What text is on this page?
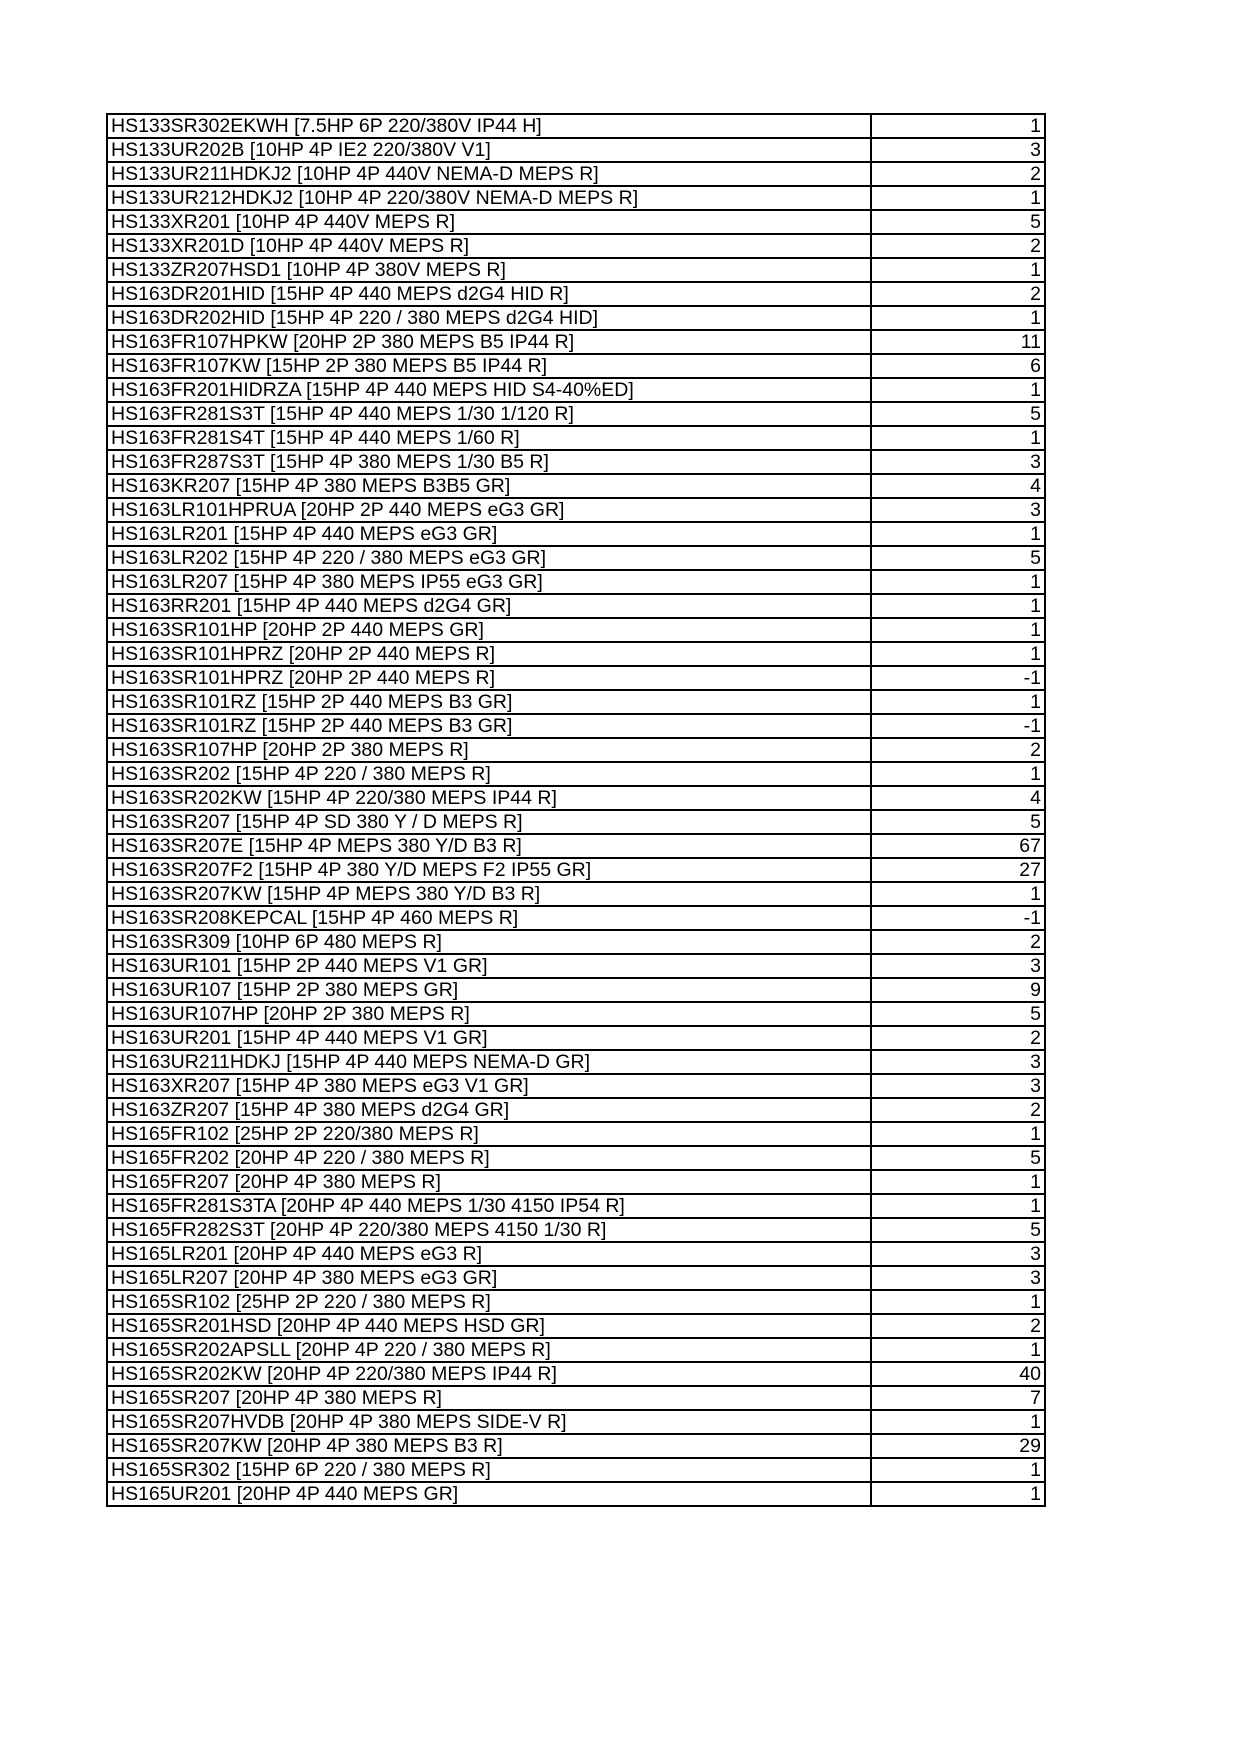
HS133SR302EKWH [7.5HP 6P 220/380V IP44 H]	1
HS133UR202B [10HP 4P IE2 220/380V V1]	3
HS133UR211HDKJ2 [10HP 4P 440V NEMA-D MEPS R]	2
HS133UR212HDKJ2 [10HP 4P 220/380V NEMA-D MEPS R]	1
HS133XR201 [10HP 4P 440V MEPS R]	5
HS133XR201D [10HP 4P 440V MEPS R]	2
HS133ZR207HSD1 [10HP 4P 380V MEPS R]	1
HS163DR201HID [15HP 4P 440 MEPS d2G4 HID R]	2
HS163DR202HID [15HP 4P 220 / 380 MEPS d2G4 HID]	1
HS163FR107HPKW [20HP 2P 380 MEPS B5 IP44 R]	11
HS163FR107KW [15HP 2P 380 MEPS B5 IP44 R]	6
HS163FR201HIDRZA [15HP 4P 440 MEPS HID S4-40%ED]	1
HS163FR281S3T [15HP 4P 440 MEPS 1/30 1/120 R]	5
HS163FR281S4T [15HP 4P 440 MEPS 1/60 R]	1
HS163FR287S3T [15HP 4P 380 MEPS 1/30 B5 R]	3
HS163KR207 [15HP 4P 380 MEPS B3B5 GR]	4
HS163LR101HPRUA [20HP 2P 440 MEPS eG3 GR]	3
HS163LR201 [15HP 4P 440 MEPS eG3 GR]	1
HS163LR202 [15HP 4P 220 / 380 MEPS eG3 GR]	5
HS163LR207 [15HP 4P 380 MEPS IP55 eG3 GR]	1
HS163RR201 [15HP 4P 440 MEPS d2G4 GR]	1
HS163SR101HP [20HP 2P 440 MEPS GR]	1
HS163SR101HPRZ [20HP 2P 440 MEPS R]	1
HS163SR101HPRZ [20HP 2P 440 MEPS R]	-1
HS163SR101RZ [15HP 2P 440 MEPS B3 GR]	1
HS163SR101RZ [15HP 2P 440 MEPS B3 GR]	-1
HS163SR107HP [20HP 2P 380 MEPS R]	2
HS163SR202 [15HP 4P 220 / 380 MEPS R]	1
HS163SR202KW [15HP 4P 220/380 MEPS IP44 R]	4
HS163SR207 [15HP 4P SD 380 Y / D MEPS R]	5
HS163SR207E [15HP 4P MEPS 380 Y/D B3 R]	67
HS163SR207F2 [15HP 4P 380 Y/D MEPS F2 IP55 GR]	27
HS163SR207KW [15HP 4P MEPS 380 Y/D B3 R]	1
HS163SR208KEPCAL [15HP 4P 460 MEPS R]	-1
HS163SR309 [10HP 6P 480 MEPS R]	2
HS163UR101 [15HP 2P 440 MEPS V1 GR]	3
HS163UR107 [15HP 2P 380 MEPS GR]	9
HS163UR107HP [20HP 2P 380 MEPS R]	5
HS163UR201 [15HP 4P 440 MEPS V1 GR]	2
HS163UR211HDKJ [15HP 4P 440 MEPS NEMA-D GR]	3
HS163XR207 [15HP 4P 380 MEPS eG3 V1 GR]	3
HS163ZR207 [15HP 4P 380 MEPS d2G4 GR]	2
HS165FR102 [25HP 2P 220/380 MEPS R]	1
HS165FR202 [20HP 4P 220 / 380 MEPS R]	5
HS165FR207 [20HP 4P 380 MEPS R]	1
HS165FR281S3TA [20HP 4P 440 MEPS 1/30 4150 IP54 R]	1
HS165FR282S3T [20HP 4P 220/380 MEPS 4150 1/30 R]	5
HS165LR201 [20HP 4P 440 MEPS eG3 R]	3
HS165LR207 [20HP 4P 380 MEPS eG3 GR]	3
HS165SR102 [25HP 2P 220 / 380 MEPS R]	1
HS165SR201HSD [20HP 4P 440 MEPS HSD GR]	2
HS165SR202APSLL [20HP 4P 220 / 380 MEPS R]	1
HS165SR202KW [20HP 4P 220/380 MEPS IP44 R]	40
HS165SR207 [20HP 4P 380 MEPS R]	7
HS165SR207HVDB [20HP 4P 380 MEPS SIDE-V R]	1
HS165SR207KW [20HP 4P 380 MEPS B3 R]	29
HS165SR302 [15HP 6P 220 / 380 MEPS R]	1
HS165UR201 [20HP 4P 440 MEPS GR]	1
